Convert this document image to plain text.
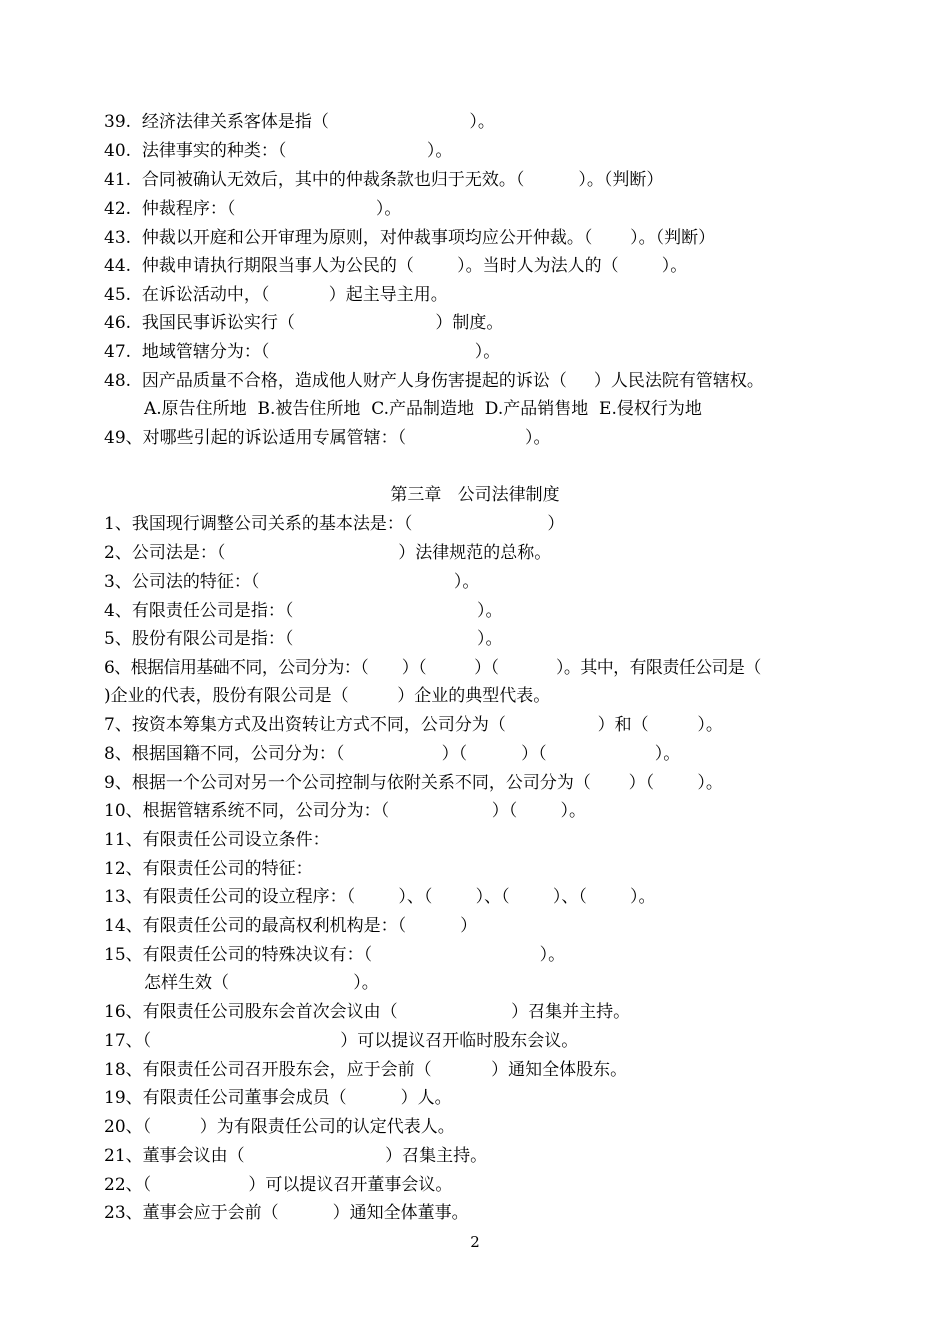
39.  经济法律关系客体是指（                          ）。
40.  法律事实的种类：（                          ）。
41.  合同被确认无效后，其中的仲裁条款也归于无效。（          ）。（判断）
42.  仲裁程序：（                          ）。
43.  仲裁以开庭和公开审理为原则，对仲裁事项均应公开仲裁。（       ）。（判断）
44.  仲裁申请执行期限当事人为公民的（        ）。当时人为法人的（        ）。
45.  在诉讼活动中，（           ）起主导主用。
46.  我国民事诉讼实行（                          ）制度。
47.  地域管辖分为：（                                      ）。
48.  因产品质量不合格，造成他人财产人身伤害提起的诉讼（     ）人民法院有管辖权。
A.原告住所地  B.被告住所地  C.产品制造地  D.产品销售地  E.侵权行为地
49、对哪些引起的诉讼适用专属管辖：（                      ）。
第三章   公司法律制度
1、我国现行调整公司关系的基本法是：（                         ）
2、公司法是：（                                ）法律规范的总称。
3、公司法的特征：（                                    ）。
4、有限责任公司是指：（                                  ）。
5、股份有限公司是指：（                                  ）。
6、根据信用基础不同，公司分为：（       ）（          ）（            ）。其中，有限责任公司是（
)企业的代表，股份有限公司是（         ）企业的典型代表。
7、按资本筹集方式及出资转让方式不同，公司分为（                 ）和（         ）。
8、根据国籍不同，公司分为：（                  ）（          ）（                    ）。
9、根据一个公司对另一个公司控制与依附关系不同，公司分为（       ）（        ）。
10、根据管辖系统不同，公司分为：（                   ）（        ）。
11、有限责任公司设立条件：
12、有限责任公司的特征：
13、有限责任公司的设立程序：（        ）、（        ）、（        ）、（        ）。
14、有限责任公司的最高权利机构是：（          ）
15、有限责任公司的特殊决议有：（                               ）。
怎样生效（                       ）。
16、有限责任公司股东会首次会议由（                     ）召集并主持。
17、（                                   ）可以提议召开临时股东会议。
18、有限责任公司召开股东会，应于会前（           ）通知全体股东。
19、有限责任公司董事会成员（          ）人。
20、（         ）为有限责任公司的认定代表人。
21、董事会议由（                          ）召集主持。
22、（                  ）可以提议召开董事会议。
23、董事会应于会前（          ）通知全体董事。
2
